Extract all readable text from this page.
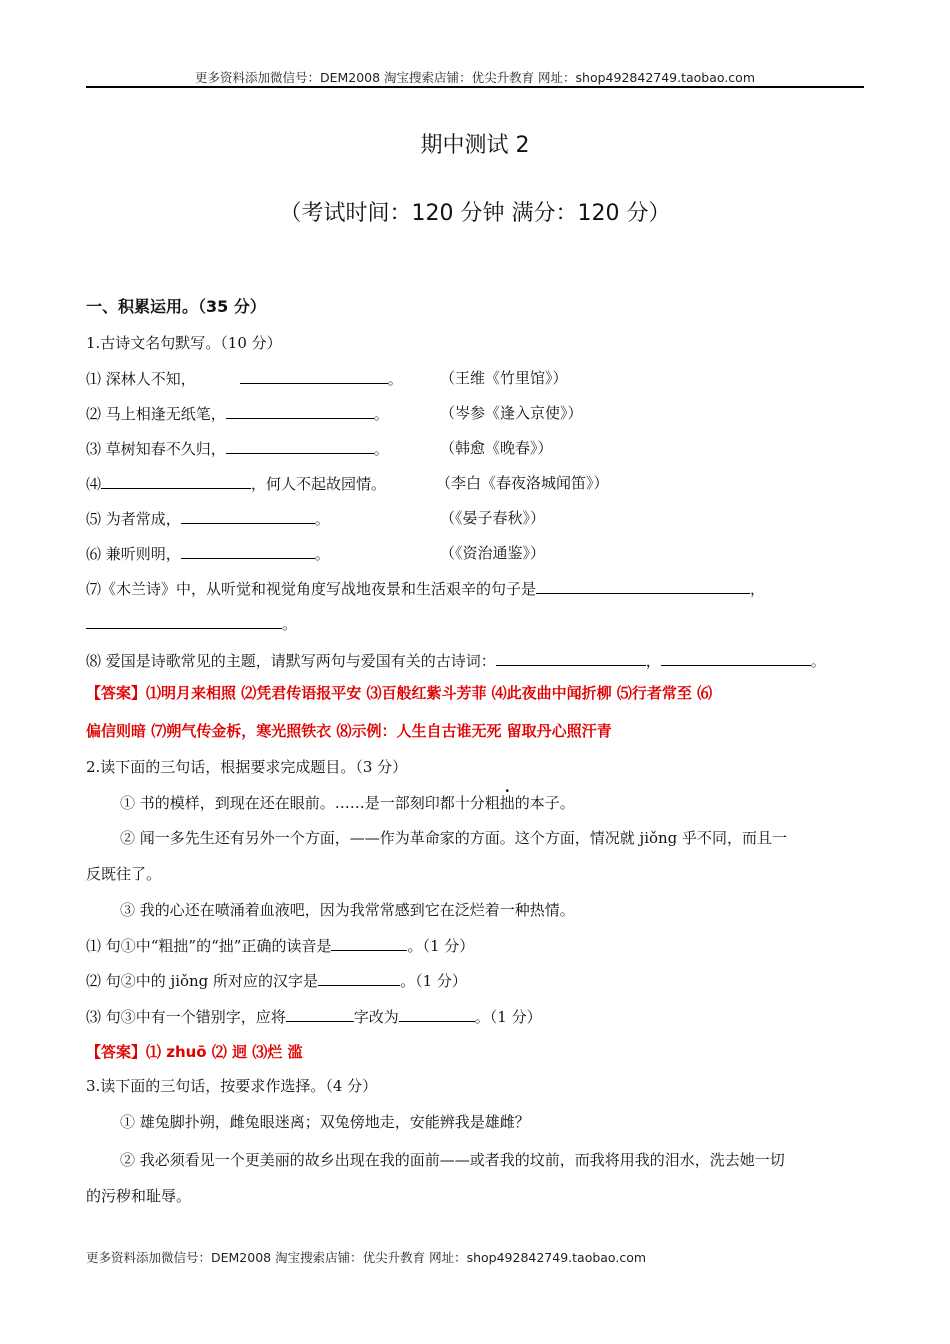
更多资料添加微信号：DEM2008 淘宝搜索店铺：优尖升教育 网址：shop492842749.taobao.com
期中测试 2
（考试时间：120 分钟 满分：120 分）
一、积累运用。（35 分）
1.古诗文名句默写。（10 分）
⑴ 深林人不知，	。 （王维《竹里馆》）
⑵ 马上相逢无纸笔，	。	（岑参《逢入京使》）
⑶ 草树知春不久归，	。	（韩愈《晚春》）
⑷	，何人不起故园情。	（李白《春夜洛城闻笛》）
⑸ 为者常成，	。	（《晏子春秋》）
⑹ 兼听则明，	。	（《资治通鉴》）
⑺《木兰诗》中，从听觉和视觉角度写战地夜景和生活艰辛的句子是	，
。
⑻ 爱国是诗歌常见的主题，请默写两句与爱国有关的古诗词：	，	。
【答案】⑴明月来相照 ⑵凭君传语报平安 ⑶百般红紫斗芳菲 ⑷此夜曲中闻折柳 ⑸行者常至 ⑹
偏信则暗 ⑺朔气传金柝，寒光照铁衣 ⑻示例：人生自古谁无死 留取丹心照汗青
2.读下面的三句话，根据要求完成题目。（3 分）
① 书的模样，到现在还在眼前。……是一部刻印都十分粗拙的本子。
② 闻一多先生还有另外一个方面，——作为革命家的方面。这个方面，情况就 jiǒng 乎不同，而且一
反既往了。
③ 我的心还在喷涌着血液吧，因为我常常感到它在泛烂着一种热情。
⑴ 句①中“粗拙”的“拙”正确的读音是	。（1 分）
⑵ 句②中的 jiǒng 所对应的汉字是	。（1 分）
⑶ 句③中有一个错别字，应将	字改为	。（1 分）
【答案】⑴ zhuō ⑵ 迥 ⑶烂 滥
3.读下面的三句话，按要求作选择。（4 分）
① 雄兔脚扑朔，雌兔眼迷离；双兔傍地走，安能辨我是雄雌？
② 我必须看见一个更美丽的故乡出现在我的面前——或者我的坟前，而我将用我的泪水，洗去她一切
的污秽和耻辱。
更多资料添加微信号：DEM2008 淘宝搜索店铺：优尖升教育 网址：shop492842749.taobao.com
